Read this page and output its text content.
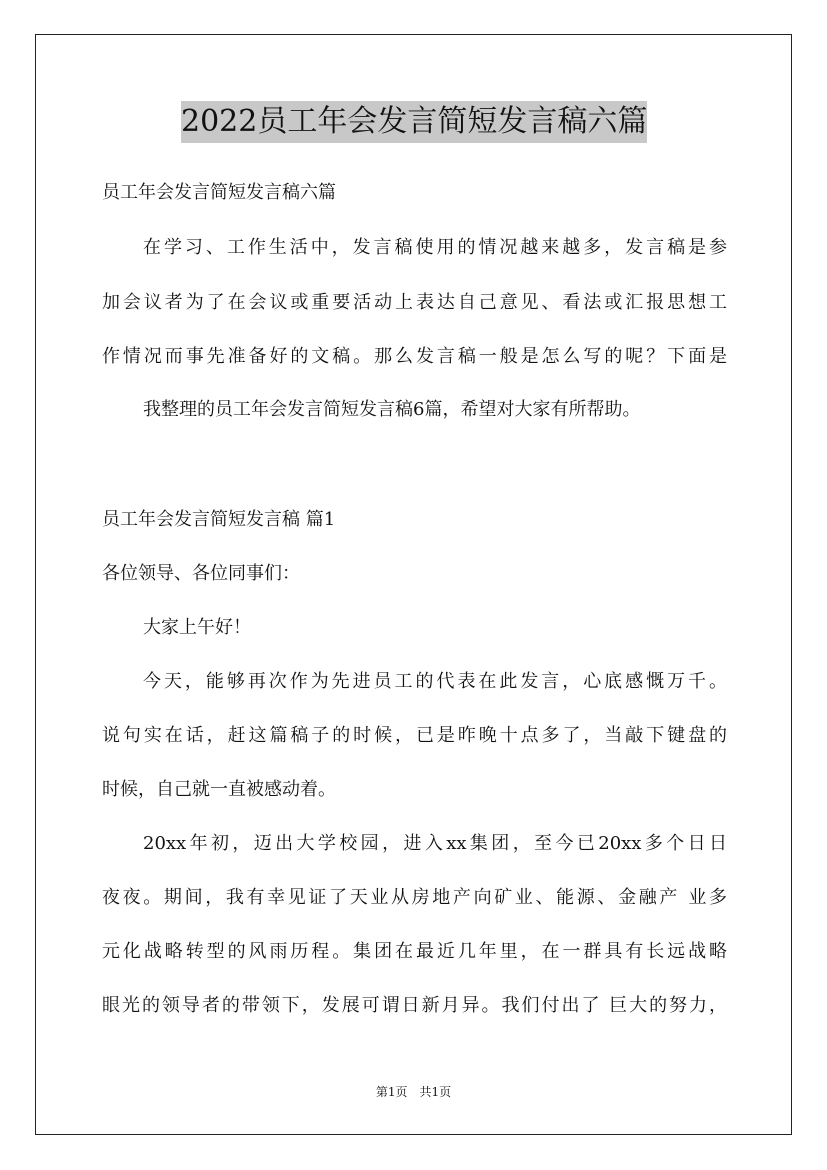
2022员工年会发言简短发言稿六篇
员工年会发言简短发言稿六篇
在学习、工作生活中，发言稿使用的情况越来越多，发言稿是参
加会议者为了在会议或重要活动上表达自己意见、看法或汇报思想工
作情况而事先准备好的文稿。那么发言稿一般是怎么写的呢？下面是
我整理的员工年会发言简短发言稿6篇，希望对大家有所帮助。
员工年会发言简短发言稿 篇1
各位领导、各位同事们：
大家上午好！
今天，能够再次作为先进员工的代表在此发言，心底感慨万千。
说句实在话，赶这篇稿子的时候，已是昨晚十点多了，当敲下键盘的
时候，自己就一直被感动着。
20xx年初，迈出大学校园，进入xx集团，至今已20xx多个日日
夜夜。期间，我有幸见证了天业从房地产向矿业、能源、金融产 业多
元化战略转型的风雨历程。集团在最近几年里，在一群具有长远战略
眼光的领导者的带领下，发展可谓日新月异。我们付出了 巨大的努力，
第1页　共1页
